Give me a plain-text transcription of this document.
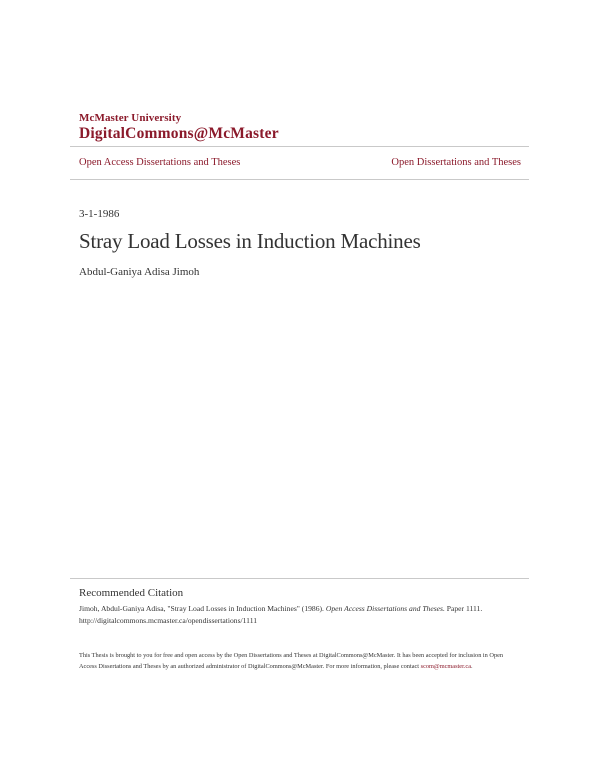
McMaster University
DigitalCommons@McMaster
Open Access Dissertations and Theses	Open Dissertations and Theses
3-1-1986
Stray Load Losses in Induction Machines
Abdul-Ganiya Adisa Jimoh
Recommended Citation
Jimoh, Abdul-Ganiya Adisa, "Stray Load Losses in Induction Machines" (1986). Open Access Dissertations and Theses. Paper 1111.
http://digitalcommons.mcmaster.ca/opendissertations/1111
This Thesis is brought to you for free and open access by the Open Dissertations and Theses at DigitalCommons@McMaster. It has been accepted for inclusion in Open Access Dissertations and Theses by an authorized administrator of DigitalCommons@McMaster. For more information, please contact scom@mcmaster.ca.
